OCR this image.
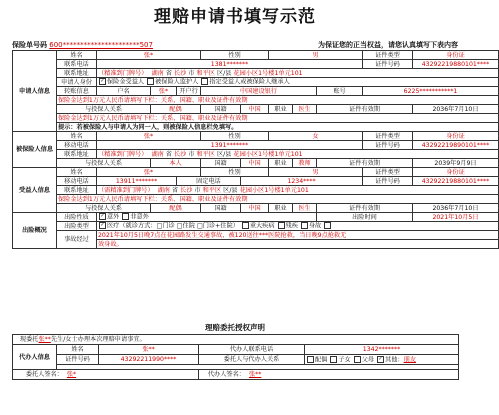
理赔申请书填写示范
保险单号码 600**********************507	为保证您的正当权益，请您认真填写下表内容
申请人信息	姓名	张*			性别		男			证件类型	身份证
	联系电话	1381*******								证件号码	43292219880101****
	联系地址	（精准到门牌号） 湖南 省 长沙 市 和平区 区/县 花园小区1号楼1单元101									
	申请人身份	✓ 保险金受益人 被保险人监护人 指定受益人或被保险人继承人									
	转账信息	户名	张*	开户行	中国建设银行				账号	6225***********1	
	保险金达到1万元人民币请填写下栏：关系、国籍、职业及证件有效期										
	与投保人关系		配偶		国籍	中国	职业	医生	证件有效期		2036年7月10日
	保险金达到1万元人民币请填写下栏：关系、国籍、职业及证件有效期										
	提示：若被保险人与申请人为同一人，则被保险人信息栏免填写。										
被保险人信息	姓名	张*			性别		女			证件类型	身份证
	移动电话	1391*******								证件号码	43292219890101****
	联系地址	（精准到门牌号） 湖南 省 长沙 市 和平区 区/县 花园小区1号楼1单元101									
	与投保人关系		本人		国籍	中国	职业	教师	证件有效期		2039年9月9日
受益人信息	姓名	张*			性别		男			证件类型	身份证
	移动电话	13911*******		固定电话		1234****				证件号码	43292219880101****
	联系地址	（需精准到门牌号） 湖南 省 长沙 市 和平区 区/县 花园小区1号楼1单元101									
	保险金达到1万元人民币请填写下栏：关系、国籍、职业及证件有效期										
	与投保人关系		配偶		国籍	中国	职业	医生	证件有效期		2036年7月10日
出险概况	出险性质	✓ 意外 非意外							出险时间		2021年10月5日
	出险类型	✓ 医疗（就诊方式：□门诊 □住院 □门诊+住院） 重大疾病 残疾 身故									
	事故经过	2021年10月5日晚7点在花园路发生交通事故，被120送往***医院抢救，当日晚9点抢救无									
		效身故。									
理赔委托授权声明
现委托张**先生/女士办理本次理赔申请事宜。				
代办人信息	姓名	张**	代办人联系电话	1342*******
	证件号码	43292211990****	委托人与代办人关系	配偶 子女 父母 ✓ 其他：朋友

委托人签名： 张*			代办人签名： 张**	
